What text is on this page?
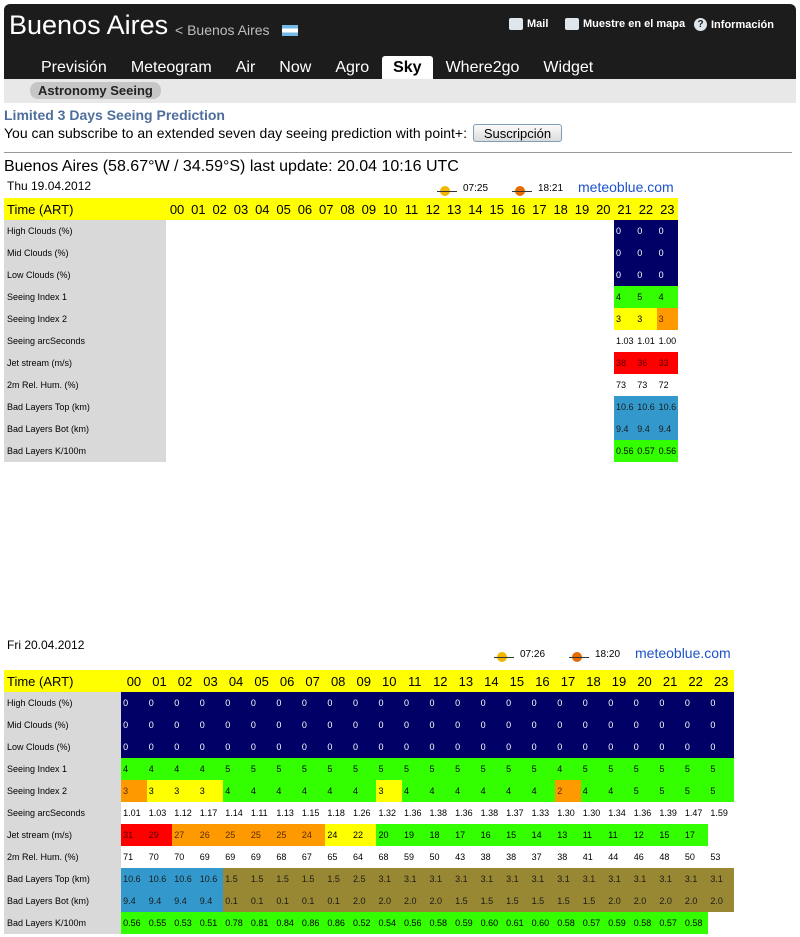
Buenos Aires < Buenos Aires	Mail	Muestre en el mapa	? Información
Previsión	Meteogram	Air	Now	Agro	Sky	Where2go	Widget
Astronomy Seeing
Limited 3 Days Seeing Prediction
You can subscribe to an extended seven day seeing prediction with point+:	Suscripción
Buenos Aires (58.67°W / 34.59°S) last update: 20.04 10:16 UTC
Thu 19.04.2012	07:25	18:21 meteoblue.com
Time (ART)	00	01	02	03	04	05	06	07	08	09	10	11	12	13	14	15	16	17	18	19	20	21	22	23
High Clouds (%)																						0	0	0
Mid Clouds (%)																						0	0	0
Low Clouds (%)																						0	0	0
Seeing Index 1																						4	5	4
Seeing Index 2																						3	3	3
Seeing arcSeconds																						1.03	1.01	1.00
Jet stream (m/s)																						38	36	33
2m Rel. Hum. (%)																						73	73	72
Bad Layers Top (km)																						10.6	10.6	10.6
Bad Layers Bot (km)																						9.4	9.4	9.4
Bad Layers K/100m																						0.56	0.57	0.56
Fri 20.04.2012
07:26	18:20 meteoblue.com
Time (ART)	00	01	02	03	04	05	06	07	08	09	10	11	12	13	14	15	16	17	18	19	20	21	22	23
High Clouds (%)	0	0	0	0	0	0	0	0	0	0	0	0	0	0	0	0	0	0	0	0	0	0	0	0
Mid Clouds (%)	0	0	0	0	0	0	0	0	0	0	0	0	0	0	0	0	0	0	0	0	0	0	0	0
Low Clouds (%)	0	0	0	0	0	0	0	0	0	0	0	0	0	0	0	0	0	0	0	0	0	0	0	0
Seeing Index 1	4	4	4	4	5	5	5	5	5	5	5	5	5	5	5	5	5	4	5	5	5	5	5	5
Seeing Index 2	3	3	3	3	4	4	4	4	4	4	3	4	4	4	4	4	4	2	4	4	5	5	5	5
Seeing arcSeconds	1.01	1.03	1.12	1.17	1.14	1.11	1.13	1.15	1.18	1.26	1.32	1.36	1.38	1.36	1.38	1.37	1.33	1.30	1.30	1.34	1.36	1.39	1.47	1.59
Jet stream (m/s)	31	29	27	26	25	25	25	24	24	22	20	19	18	17	16	15	14	13	11	11	12	15	17	
2m Rel. Hum. (%)	71	70	70	69	69	69	68	67	65	64	68	59	50	43	38	38	37	38	41	44	46	48	50	53
Bad Layers Top (km)	10.6	10.6	10.6	10.6	1.5	1.5	1.5	1.5	1.5	2.5	3.1	3.1	3.1	3.1	3.1	3.1	3.1	3.1	3.1	3.1	3.1	3.1	3.1	3.1
Bad Layers Bot (km)	9.4	9.4	9.4	9.4	0.1	0.1	0.1	0.1	0.1	2.0	2.0	2.0	2.0	1.5	1.5	1.5	1.5	1.5	1.5	2.0	2.0	2.0	2.0	2.0
Bad Layers K/100m	0.56	0.55	0.53	0.51	0.78	0.81	0.84	0.86	0.86	0.52	0.54	0.56	0.58	0.59	0.60	0.61	0.60	0.58	0.57	0.59	0.58	0.57	0.58	
